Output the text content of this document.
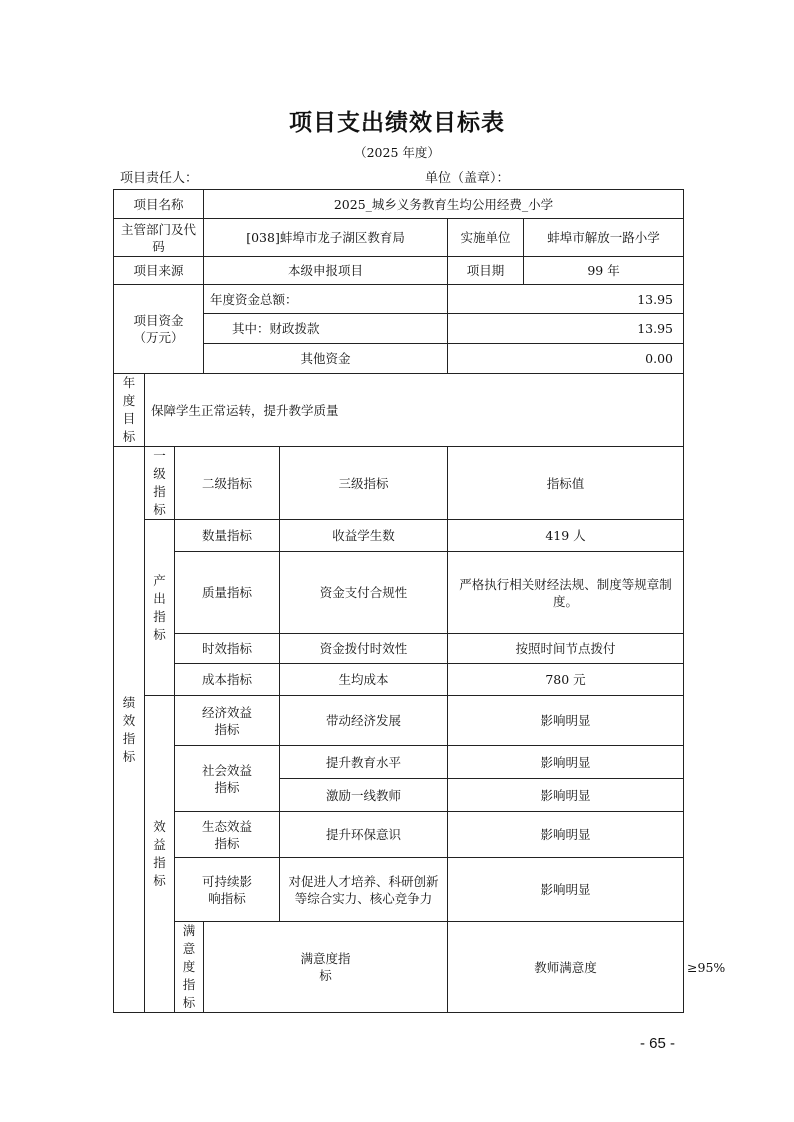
项目支出绩效目标表
（2025 年度）
项目责任人：	单位（盖章）：
项目名称			2025_城乡义务教育生均公用经费_小学			
主管部门及代码			[038]蚌埠市龙子湖区教育局		实施单位 蚌埠市解放一路小学	

项目来源			本级申报项目		项目期 99 年	

项目资金（万元）			年度资金总额：		13.95	
			其中：财政拨款		13.95	
			其他资金		0.00	

年度目标	保障学生正常运转，提升教学质量					

绩效指标	一级指标	二级指标		三级指标	指标值	

	产出指标	数量指标		收益学生数	419 人	
		质量指标		资金支付合规性	严格执行相关财经法规、制度等规章制度。	

		时效指标		资金拨付时效性	按照时间节点拨付	
		成本指标		生均成本	780 元	

	效益指标	经济效益指标		带动经济发展	影响明显	

		社会效益指标		提升教育水平	影响明显	
				激励一线教师	影响明显	

		生态效益指标		提升环保意识	影响明显	

		可持续影响指标		对促进人才培养、科研创新等综合实力、核心竞争力	影响明显	

		满意度指标	满意度指标		教师满意度	≥95%
- 65 -
